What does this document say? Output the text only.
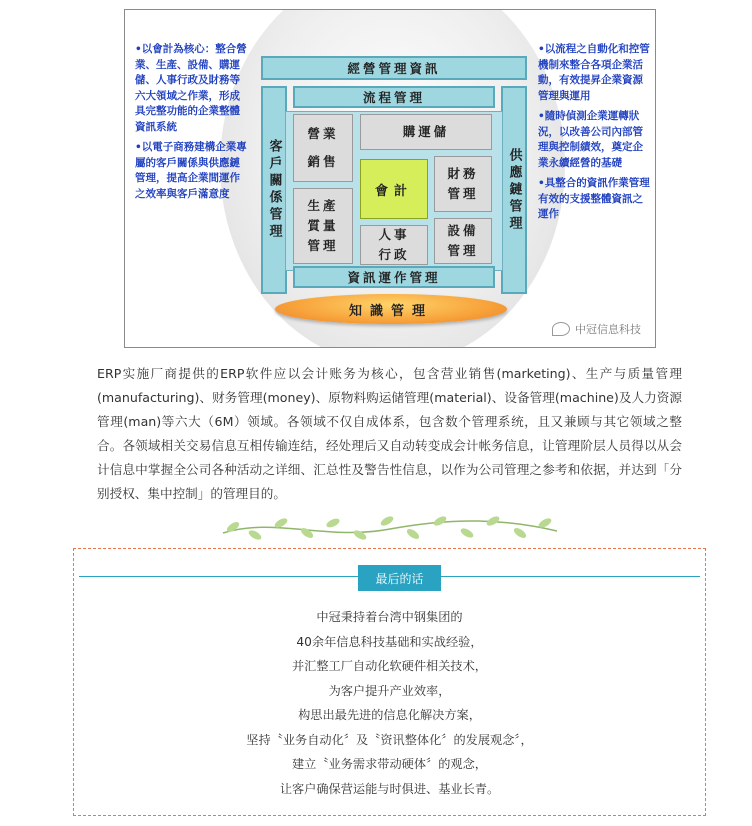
•以會計為核心：整合營業、生產、設備、購運儲、人事行政及財務等六大領域之作業，形成具完整功能的企業整體資訊系統

•以電子商務建構企業專屬的客戶關係與供應鏈管理，提高企業間運作之效率與客戶滿意度

•以流程之自動化和控管機制來整合各項企業活動，有效提昇企業資源管理與運用

•隨時偵測企業運轉狀況，以改善公司內部管理與控制績效，奠定企業永續經營的基礎

•具整合的資訊作業管理有效的支援整體資訊之運作

經營管理資訊
客戶關係管理	供應鏈管理
流程管理
資訊運作管理
營業
銷售
購運儲
財務
管理
生產
質量
管理
人事
行政
設備
管理
會計
知識管理
中冠信息科技
ERP实施厂商提供的ERP软件应以会计账务为核心，包含营业销售(marketing)、生产与质量管理(manufacturing)、财务管理(money)、原物料购运储管理(material)、设备管理(machine)及人力资源管理(man)等六大（6M）领域。各领域不仅自成体系，包含数个管理系统，且又兼顾与其它领域之整合。各领域相关交易信息互相传输连结，经处理后又自动转变成会计帐务信息，让管理阶层人员得以从会计信息中掌握全公司各种活动之详细、汇总性及警告性信息，以作为公司管理之参考和依据，并达到「分别授权、集中控制」的管理目的。
最后的话
中冠秉持着台湾中钢集团的
40余年信息科技基础和实战经验，
并汇整工厂自动化软硬件相关技术，
为客户提升产业效率，
构思出最先进的信息化解决方案，
坚持〝业务自动化〞及〝资讯整体化〞的发展观念〞，
建立〝业务需求带动硬体〞的观念，
让客户确保营运能与时俱进、基业长青。
